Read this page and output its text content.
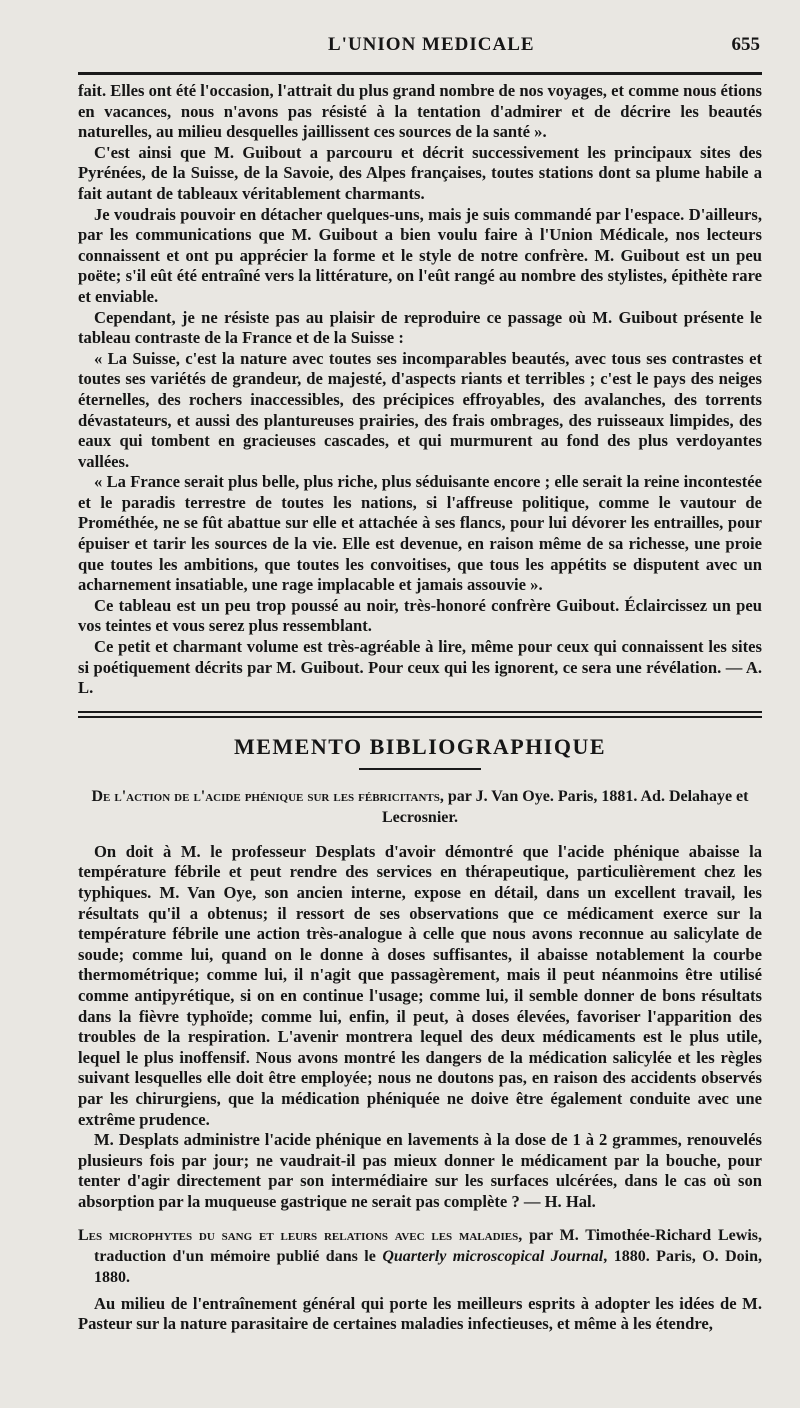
L'UNION MEDICALE	655

fait. Elles ont été l'occasion, l'attrait du plus grand nombre de nos voyages, et comme nous étions en vacances, nous n'avons pas résisté à la tentation d'admirer et de décrire les beautés naturelles, au milieu desquelles jaillissent ces sources de la santé ».

C'est ainsi que M. Guibout a parcouru et décrit successivement les principaux sites des Pyrénées, de la Suisse, de la Savoie, des Alpes françaises, toutes stations dont sa plume habile a fait autant de tableaux véritablement charmants.

Je voudrais pouvoir en détacher quelques-uns, mais je suis commandé par l'espace. D'ailleurs, par les communications que M. Guibout a bien voulu faire à l'Union Médicale, nos lecteurs connaissent et ont pu apprécier la forme et le style de notre confrère. M. Guibout est un peu poëte; s'il eût été entraîné vers la littérature, on l'eût rangé au nombre des stylistes, épithète rare et enviable.

Cependant, je ne résiste pas au plaisir de reproduire ce passage où M. Guibout présente le tableau contraste de la France et de la Suisse :

« La Suisse, c'est la nature avec toutes ses incomparables beautés, avec tous ses contrastes et toutes ses variétés de grandeur, de majesté, d'aspects riants et terribles ; c'est le pays des neiges éternelles, des rochers inaccessibles, des précipices effroyables, des avalanches, des torrents dévastateurs, et aussi des plantureuses prairies, des frais ombrages, des ruisseaux limpides, des eaux qui tombent en gracieuses cascades, et qui murmurent au fond des plus verdoyantes vallées.

« La France serait plus belle, plus riche, plus séduisante encore ; elle serait la reine incontestée et le paradis terrestre de toutes les nations, si l'affreuse politique, comme le vautour de Prométhée, ne se fût abattue sur elle et attachée à ses flancs, pour lui dévorer les entrailles, pour épuiser et tarir les sources de la vie. Elle est devenue, en raison même de sa richesse, une proie que toutes les ambitions, que toutes les convoitises, que tous les appétits se disputent avec un acharnement insatiable, une rage implacable et jamais assouvie ».

Ce tableau est un peu trop poussé au noir, très-honoré confrère Guibout. Éclaircissez un peu vos teintes et vous serez plus ressemblant.

Ce petit et charmant volume est très-agréable à lire, même pour ceux qui connaissent les sites si poétiquement décrits par M. Guibout. Pour ceux qui les ignorent, ce sera une révélation. — A. L.

MEMENTO BIBLIOGRAPHIQUE
De l'action de l'acide phénique sur les fébricitants, par J. Van Oye. Paris, 1881. Ad. Delahaye et Lecrosnier.

On doit à M. le professeur Desplats d'avoir démontré que l'acide phénique abaisse la température fébrile et peut rendre des services en thérapeutique, particulièrement chez les typhiques. M. Van Oye, son ancien interne, expose en détail, dans un excellent travail, les résultats qu'il a obtenus; il ressort de ses observations que ce médicament exerce sur la température fébrile une action très-analogue à celle que nous avons reconnue au salicylate de soude; comme lui, quand on le donne à doses suffisantes, il abaisse notablement la courbe thermométrique; comme lui, il n'agit que passagèrement, mais il peut néanmoins être utilisé comme antipyrétique, si on en continue l'usage; comme lui, il semble donner de bons résultats dans la fièvre typhoïde; comme lui, enfin, il peut, à doses élevées, favoriser l'apparition des troubles de la respiration. L'avenir montrera lequel des deux médicaments est le plus utile, lequel le plus inoffensif. Nous avons montré les dangers de la médication salicylée et les règles suivant lesquelles elle doit être employée; nous ne doutons pas, en raison des accidents observés par les chirurgiens, que la médication phéniquée ne doive être également conduite avec une extrême prudence.

M. Desplats administre l'acide phénique en lavements à la dose de 1 à 2 grammes, renouvelés plusieurs fois par jour; ne vaudrait-il pas mieux donner le médicament par la bouche, pour tenter d'agir directement par son intermédiaire sur les surfaces ulcérées, dans le cas où son absorption par la muqueuse gastrique ne serait pas complète ? — H. Hal.

Les microphytes du sang et leurs relations avec les maladies, par M. Timothée-Richard Lewis, traduction d'un mémoire publié dans le Quarterly microscopical Journal, 1880. Paris, O. Doin, 1880.

Au milieu de l'entraînement général qui porte les meilleurs esprits à adopter les idées de M. Pasteur sur la nature parasitaire de certaines maladies infectieuses, et même à les étendre,
